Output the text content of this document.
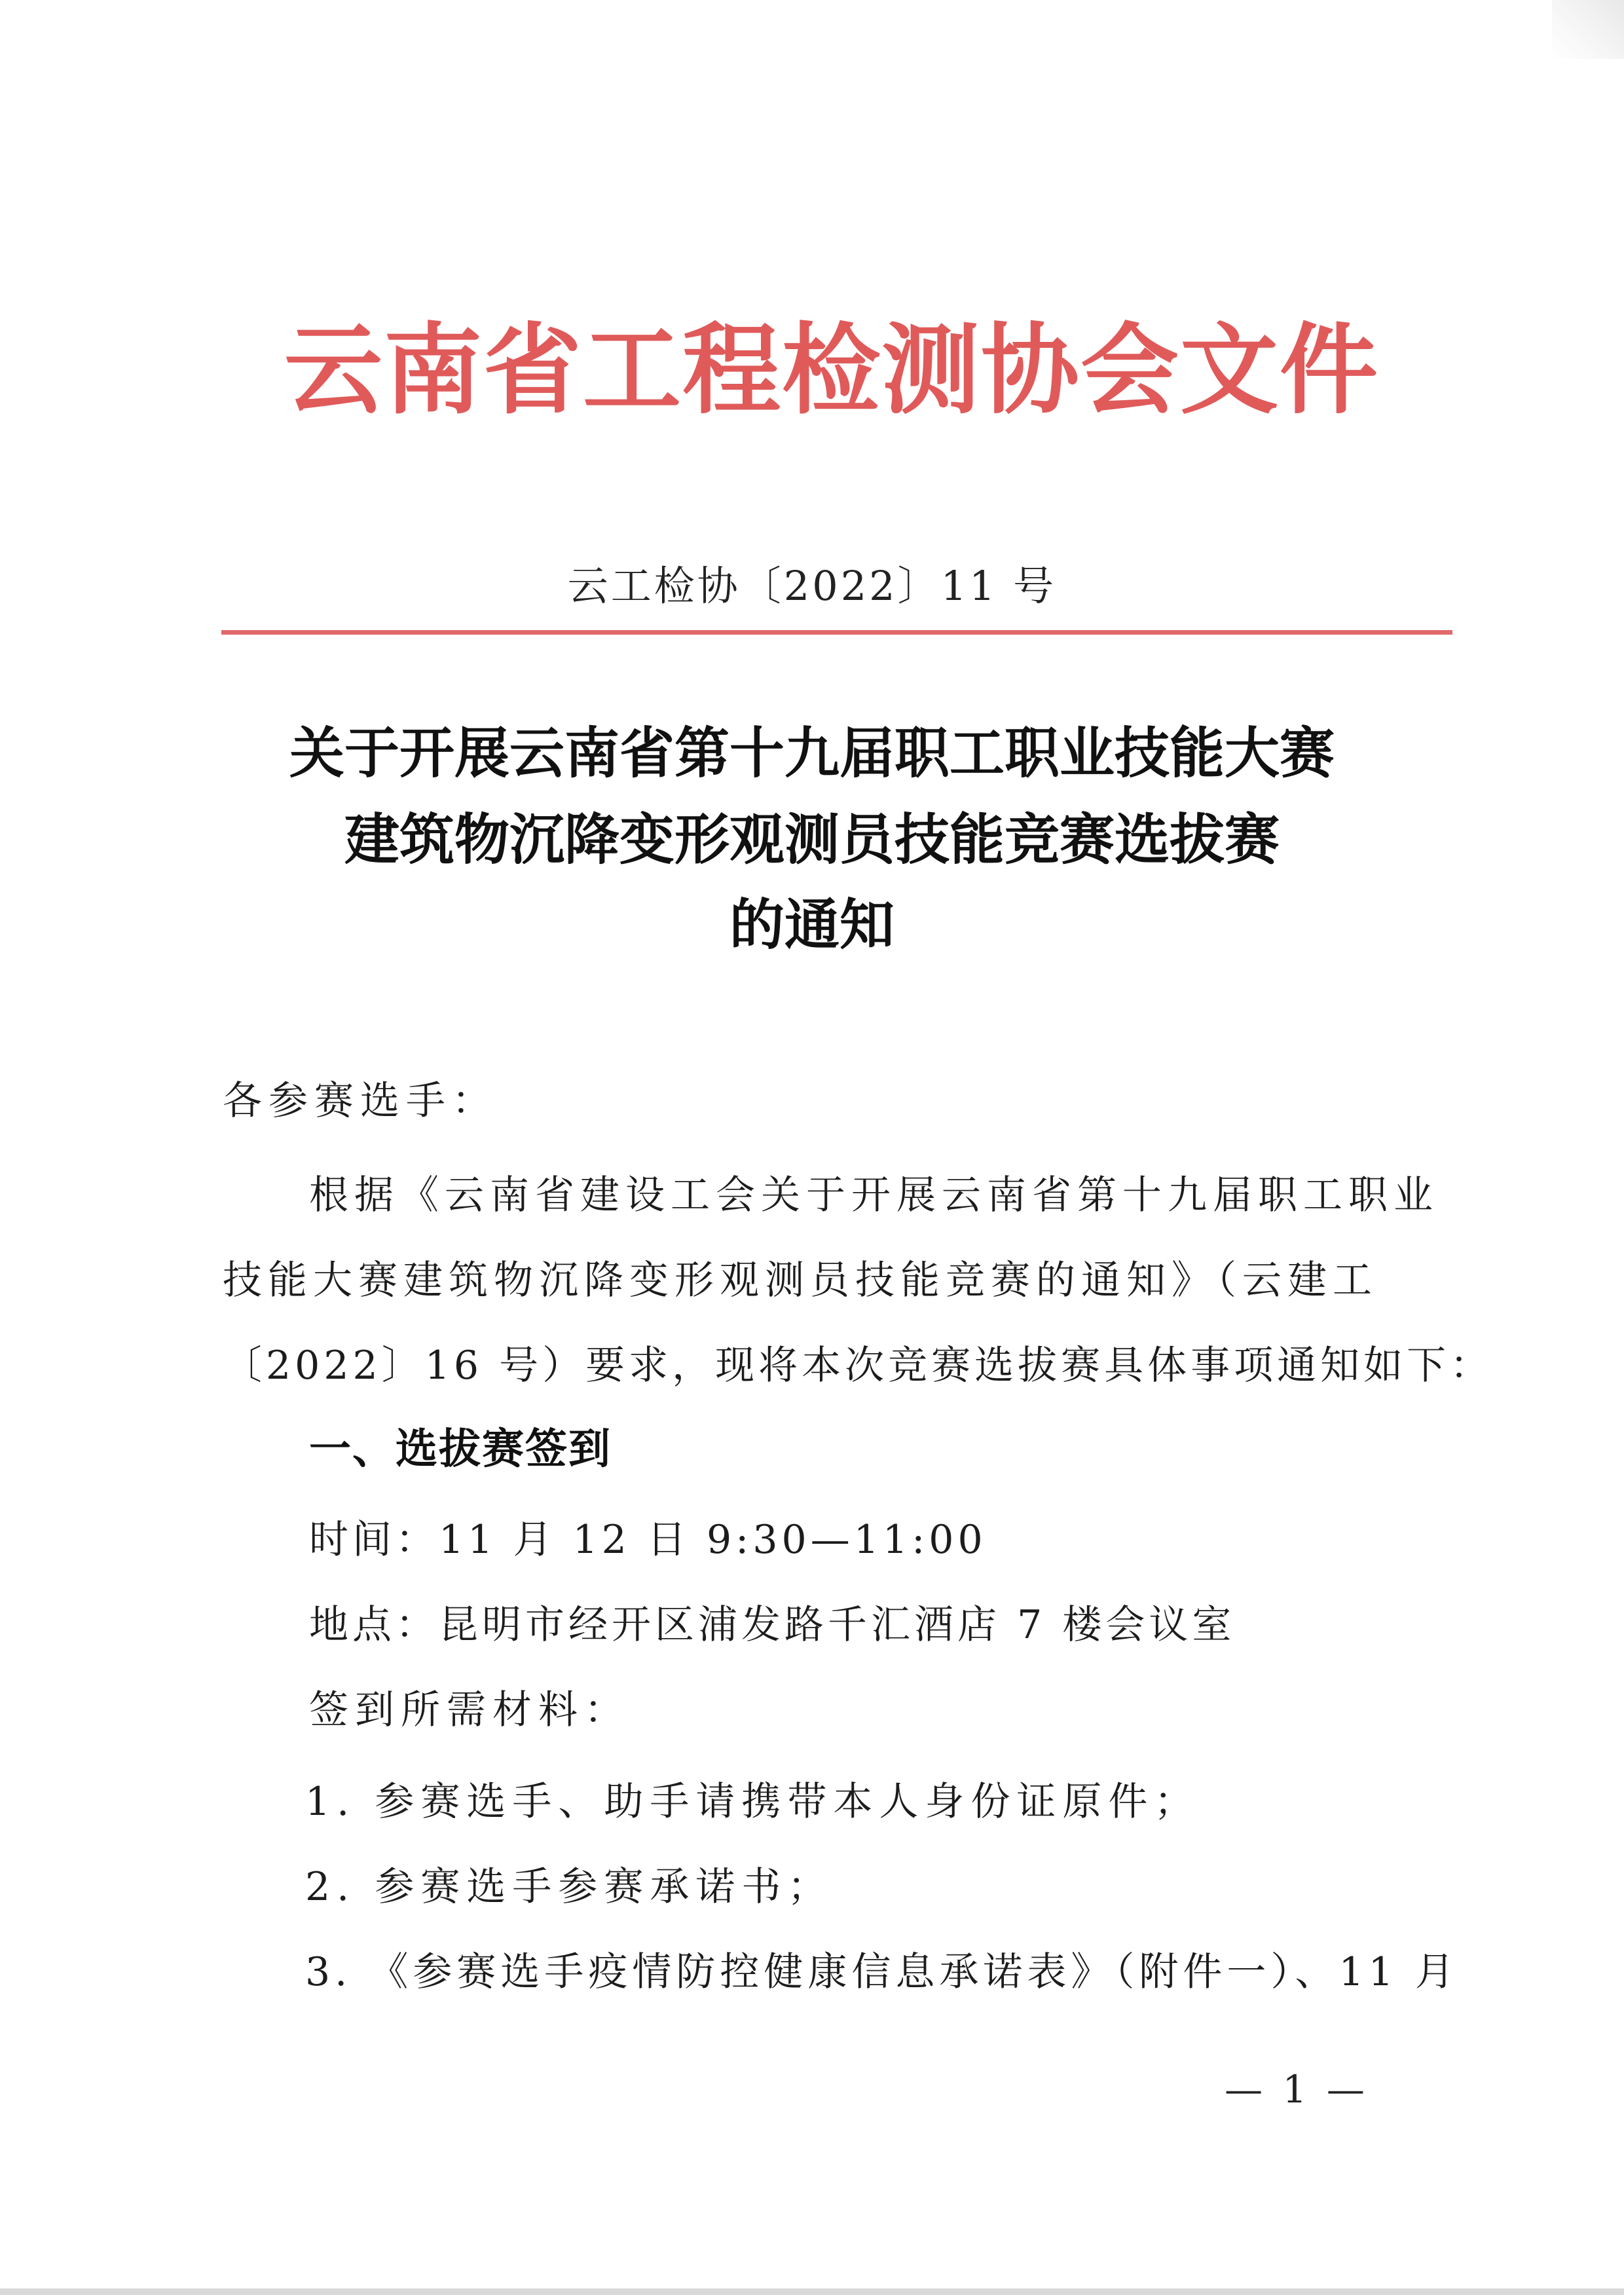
云南省工程检测协会文件
云工检协〔2022〕11 号
关于开展云南省第十九届职工职业技能大赛
建筑物沉降变形观测员技能竞赛选拔赛
的通知
各参赛选手：
根据《云南省建设工会关于开展云南省第十九届职工职业
技能大赛建筑物沉降变形观测员技能竞赛的通知》（云建工
〔2022〕16 号）要求，现将本次竞赛选拔赛具体事项通知如下：
一、选拔赛签到
时间：11 月 12 日 9:30—11:00
地点：昆明市经开区浦发路千汇酒店 7 楼会议室
签到所需材料：
1. 参赛选手、助手请携带本人身份证原件；
2. 参赛选手参赛承诺书；
3. 《参赛选手疫情防控健康信息承诺表》（附件一）、11 月
— 1 —
